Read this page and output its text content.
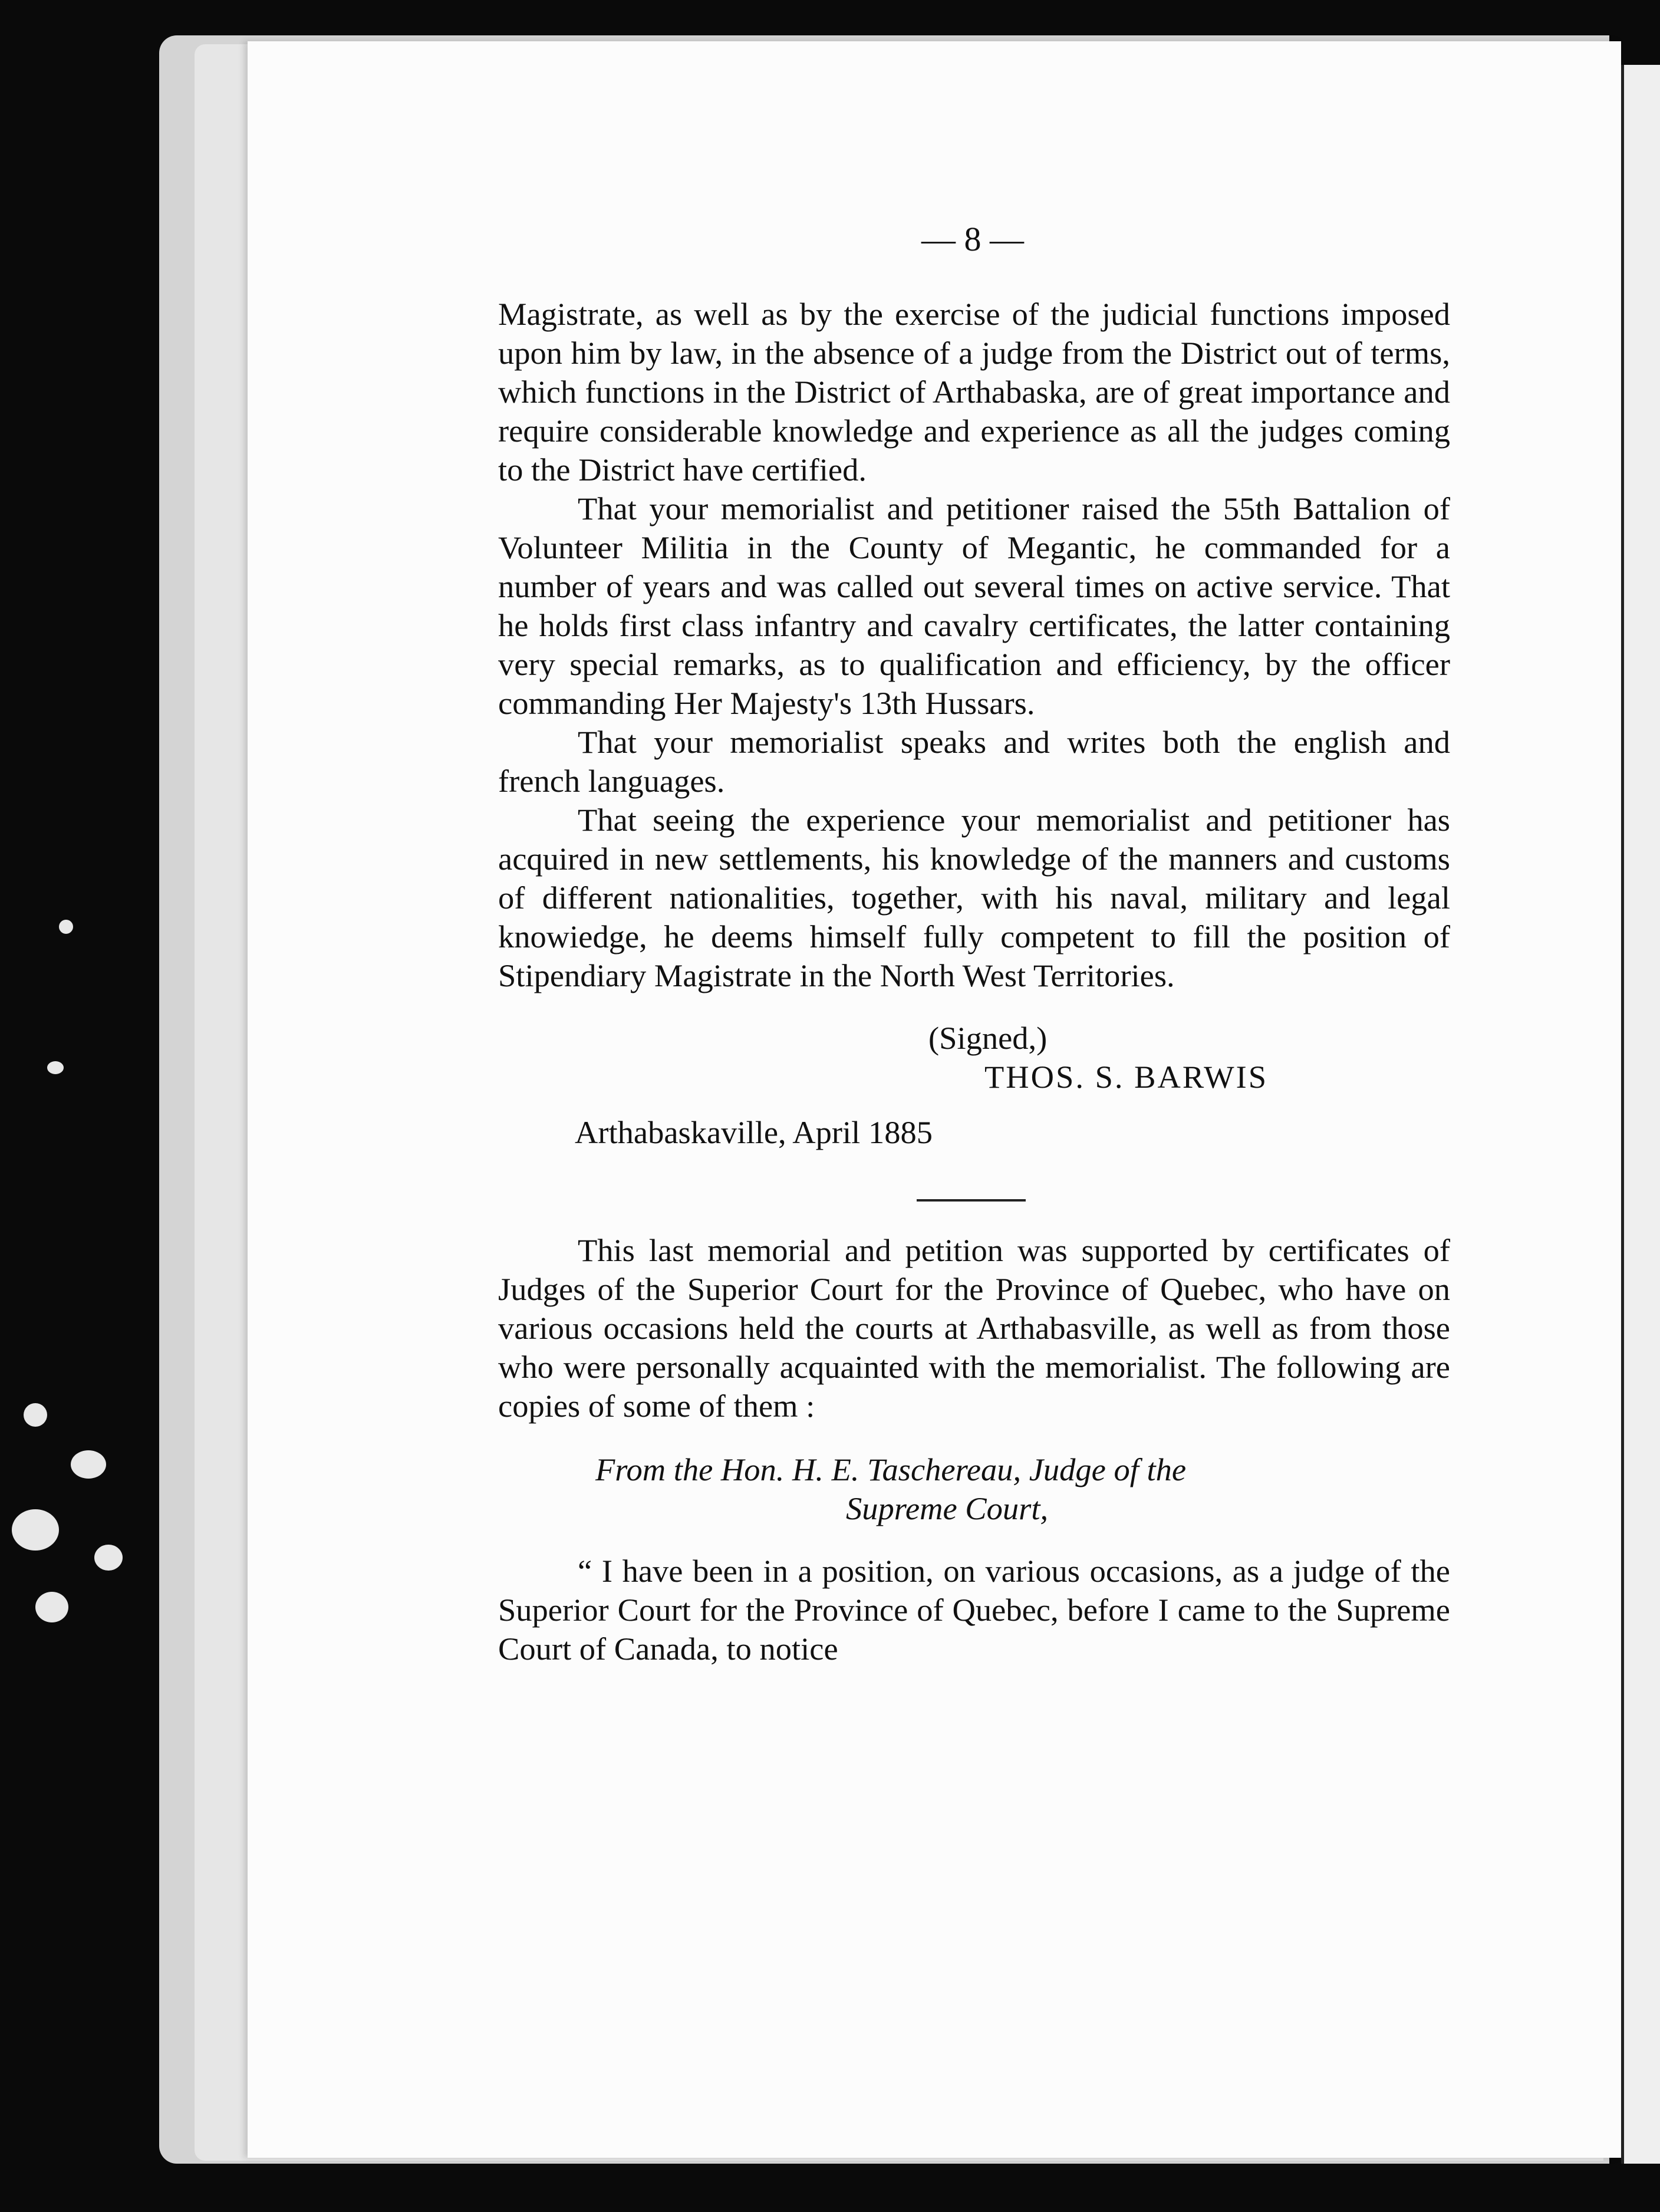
— 8 —

Magistrate, as well as by the exercise of the judicial functions imposed upon him by law, in the absence of a judge from the District out of terms, which functions in the District of Arthabaska, are of great importance and require considerable knowledge and experience as all the judges coming to the District have certified.

That your memorialist and petitioner raised the 55th Battalion of Volunteer Militia in the County of Megantic, he commanded for a number of years and was called out several times on active service. That he holds first class infantry and cavalry certificates, the latter containing very special remarks, as to qualification and efficiency, by the officer commanding Her Majesty's 13th Hussars.

That your memorialist speaks and writes both the english and french languages.

That seeing the experience your memorialist and petitioner has acquired in new settlements, his knowledge of the manners and customs of different nationalities, together, with his naval, military and legal knowiedge, he deems himself fully competent to fill the position of Stipendiary Magistrate in the North West Territories.

(Signed,)

THOS. S. BARWIS

Arthabaskaville, April 1885

This last memorial and petition was supported by certificates of Judges of the Superior Court for the Province of Quebec, who have on various occasions held the courts at Arthabasville, as well as from those who were personally acquainted with the memorialist. The following are copies of some of them :

From the Hon. H. E. Taschereau, Judge of the

Supreme Court,

“ I have been in a position, on various occasions, as a judge of the Superior Court for the Province of Quebec, before I came to the Supreme Court of Canada, to notice
